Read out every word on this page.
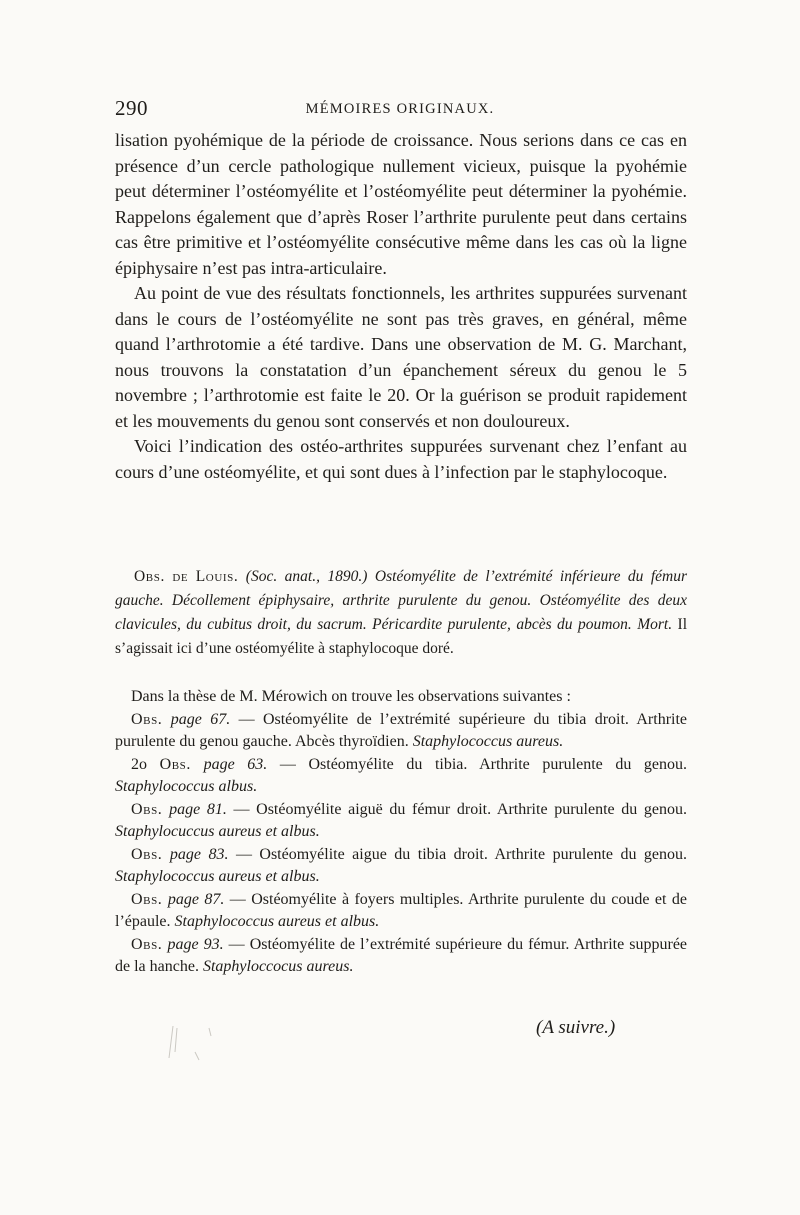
290	MÉMOIRES ORIGINAUX.

lisation pyohémique de la période de croissance. Nous serions dans ce cas en présence d’un cercle pathologique nullement vicieux, puisque la pyohémie peut déterminer l’ostéomyélite et l’ostéomyélite peut déterminer la pyohémie. Rappelons également que d’après Roser l’arthrite purulente peut dans certains cas être primitive et l’ostéomyélite consécutive même dans les cas où la ligne épiphysaire n’est pas intra-articulaire.

Au point de vue des résultats fonctionnels, les arthrites suppurées survenant dans le cours de l’ostéomyélite ne sont pas très graves, en général, même quand l’arthrotomie a été tardive. Dans une observation de M. G. Marchant, nous trouvons la constatation d’un épanchement séreux du genou le 5 novembre ; l’arthrotomie est faite le 20. Or la guérison se produit rapidement et les mouvements du genou sont conservés et non douloureux.

Voici l’indication des ostéo-arthrites suppurées survenant chez l’enfant au cours d’une ostéomyélite, et qui sont dues à l’infection par le staphylocoque.

Obs. de Louis. (Soc. anat., 1890.) Ostéomyélite de l’extrémité inférieure du fémur gauche. Décollement épiphysaire, arthrite purulente du genou. Ostéomyélite des deux clavicules, du cubitus droit, du sacrum. Péricardite purulente, abcès du poumon. Mort. Il s’agissait ici d’une ostéomyélite à staphylocoque doré.

Dans la thèse de M. Mérowich on trouve les observations suivantes :

Obs. page 67. — Ostéomyélite de l’extrémité supérieure du tibia droit. Arthrite purulente du genou gauche. Abcès thyroïdien. Staphylococcus aureus.

2o Obs. page 63. — Ostéomyélite du tibia. Arthrite purulente du genou. Staphylococcus albus.

Obs. page 81. — Ostéomyélite aiguë du fémur droit. Arthrite purulente du genou. Staphylocuccus aureus et albus.

Obs. page 83. — Ostéomyélite aigue du tibia droit. Arthrite purulente du genou. Staphylococcus aureus et albus.

Obs. page 87. — Ostéomyélite à foyers multiples. Arthrite purulente du coude et de l’épaule. Staphylococcus aureus et albus.

Obs. page 93. — Ostéomyélite de l’extrémité supérieure du fémur. Arthrite suppurée de la hanche. Staphyloccocus aureus.

(A suivre.)
